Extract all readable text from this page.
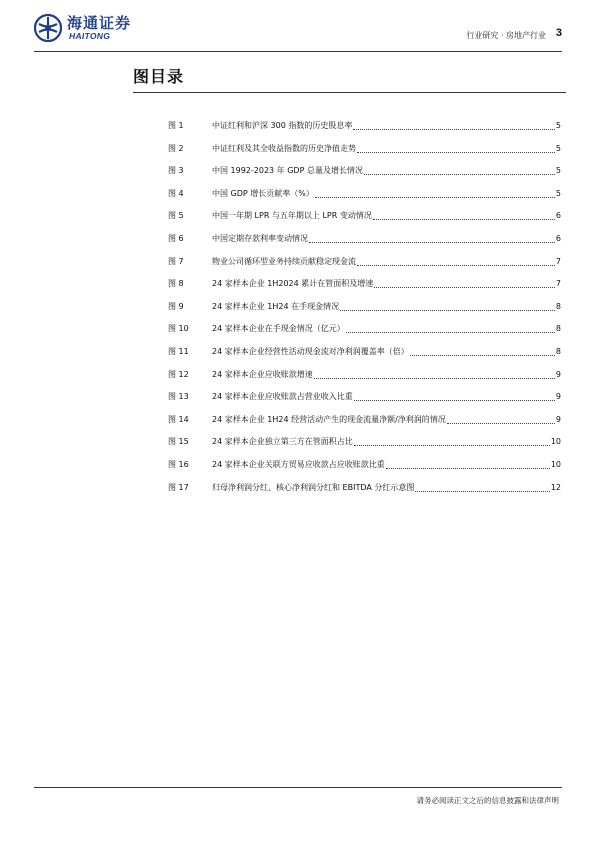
海通证券
HAITONG	行业研究 · 房地产行业 3
图目录
图 1	中证红利和沪深 300 指数的历史股息率	5
图 2	中证红利及其全收益指数的历史净值走势	5
图 3	中国 1992-2023 年 GDP 总量及增长情况	5
图 4	中国 GDP 增长贡献率（%）	5
图 5	中国一年期 LPR 与五年期以上 LPR 变动情况	6
图 6	中国定期存款利率变动情况	6
图 7	物业公司循环型业务持续贡献稳定现金流	7
图 8	24 家样本企业 1H2024 累计在管面积及增速	7
图 9	24 家样本企业 1H24 在手现金情况	8
图 10	24 家样本企业在手现金情况（亿元）	8
图 11	24 家样本企业经营性活动现金流对净利润覆盖率（倍）	8
图 12	24 家样本企业应收账款增速	9
图 13	24 家样本企业应收账款占营业收入比重	9
图 14	24 家样本企业 1H24 经营活动产生的现金流量净额/净利润的情况	9
图 15	24 家样本企业独立第三方在管面积占比	10
图 16	24 家样本企业关联方贸易应收款占应收账款比重	10
图 17	归母净利润分红、核心净利润分红和 EBITDA 分红示意图	12
请务必阅读正文之后的信息披露和法律声明
